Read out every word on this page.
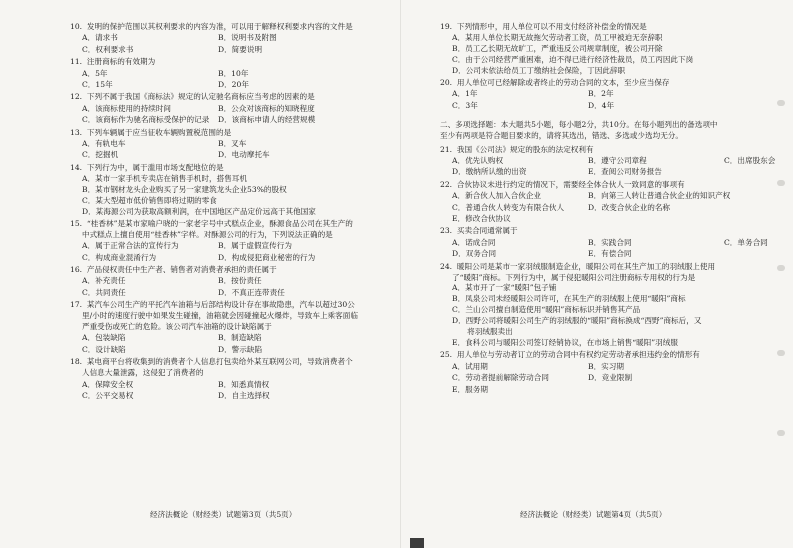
10.  发明的保护范围以其权利要求的内容为准，可以用于解释权利要求内容的文件是
A．请求书	B．说明书及附图
C．权利要求书	D．简要说明
11.  注册商标的有效期为
A．5年	B．10年
C．15年	D．20年
12.  下列不属于我国《商标法》规定的认定驰名商标应当考虑的因素的是
A．该商标使用的持续时间	B．公众对该商标的知晓程度
C．该商标作为驰名商标受保护的记录	D．该商标申请人的经营规模
13.  下列车辆属于应当征收车辆购置税范围的是
A．有轨电车	B．叉车
C．挖掘机	D．电动摩托车
14.  下列行为中，属于滥用市场支配地位的是
A．某市一家手机专卖店在销售手机时，搭售耳机
B．某市钢材龙头企业购买了另一家建筑龙头企业53%的股权
C．某大型超市低价销售即将过期的零食
D．某海源公司为获取高额利润，在中国地区产品定价远高于其他国家
15.  “桂香林”是某市家喻户晓的一家老字号中式糕点企业，酥源食品公司在其生产的
中式糕点上擅自使用“桂香林”字样。对酥源公司的行为，下列说法正确的是
A．属于正常合法的宣传行为	B．属于虚假宣传行为
C．构成商业混淆行为	D．构成侵犯商业秘密的行为
16.  产品侵权责任中生产者、销售者对消费者承担的责任属于
A．补充责任	B．按份责任
C．共同责任	D．不真正连带责任
17.  某汽车公司生产的平托汽车油箱与后部结构设计存在事故隐患，汽车以超过30公
里/小时的速度行驶中如果发生碰撞，油箱就会因碰撞起火爆炸，导致车上乘客面临
严重受伤或死亡的危险。该公司汽车油箱的设计缺陷属于
A．包装缺陷	B．制造缺陷
C．设计缺陷	D．警示缺陷
18.  某电商平台将收集到的消费者个人信息打包卖给外某互联网公司，导致消费者个
人信息大量泄露，这侵犯了消费者的
A．保障安全权	B．知悉真情权
C．公平交易权	D．自主选择权
经济法概论（财经类）试题第3页（共5页）
19.  下列情形中，用人单位可以不用支付经济补偿金的情况是
A．某用人单位长期无故拖欠劳动者工资，员工甲被迫无奈辞职
B．员工乙长期无故旷工，严重违反公司规章制度，被公司开除
C．由于公司经营严重困难，迫不得已进行经济性裁员，员工丙因此下岗
D．公司未依法给员工丁缴纳社会保险，丁因此辞职
20.  用人单位可已经解除或者终止的劳动合同的文本，至少应当保存
A．1年	B．2年
C．3年	D．4年
二、多项选择题：本大题共5小题，每小题2分，共10分。在每小题列出的备选项中
至少有两项是符合题目要求的，请将其选出，错选、多选或少选均无分。
21.  我国《公司法》规定的股东的法定权利有
A．优先认购权	B．遵守公司章程	C．出席股东会
D．缴纳所认缴的出资	E．查阅公司财务报告
22.  合伙协议未进行约定的情况下，需要经全体合伙人一致同意的事项有
A．新合伙人加入合伙企业	B．向第三人转让普通合伙企业的知识产权
C．普通合伙人转变为有限合伙人	D．改变合伙企业的名称
E．修改合伙协议
23.  买卖合同通常属于
A．诺成合同	B．实践合同	C．单务合同
D．双务合同	E．有偿合同
24.  暖阳公司是某市一家羽绒服制造企业，暖阳公司在其生产加工的羽绒服上使用
了“暖阳”商标。下列行为中，属于侵犯暖阳公司注册商标专用权的行为是
A．某市开了一家“暖阳”包子铺
B．凤泉公司未经暖阳公司许可，在其生产的羽绒服上使用“暖阳”商标
C．兰山公司擅自制造使用“暖阳”商标标识并销售其产品
D．西野公司将暖阳公司生产的羽绒服的“暖阳”商标换成“西野”商标后，又
　　将羽绒服卖出
E．食科公司与暖阳公司签订经销协议，在市场上销售“暖阳”羽绒服
25.  用人单位与劳动者订立的劳动合同中有权约定劳动者承担违约金的情形有
A．试用期	B．实习期
C．劳动者提前解除劳动合同	D．竞业限制
E．服务期
经济法概论（财经类）试题第4页（共5页）
